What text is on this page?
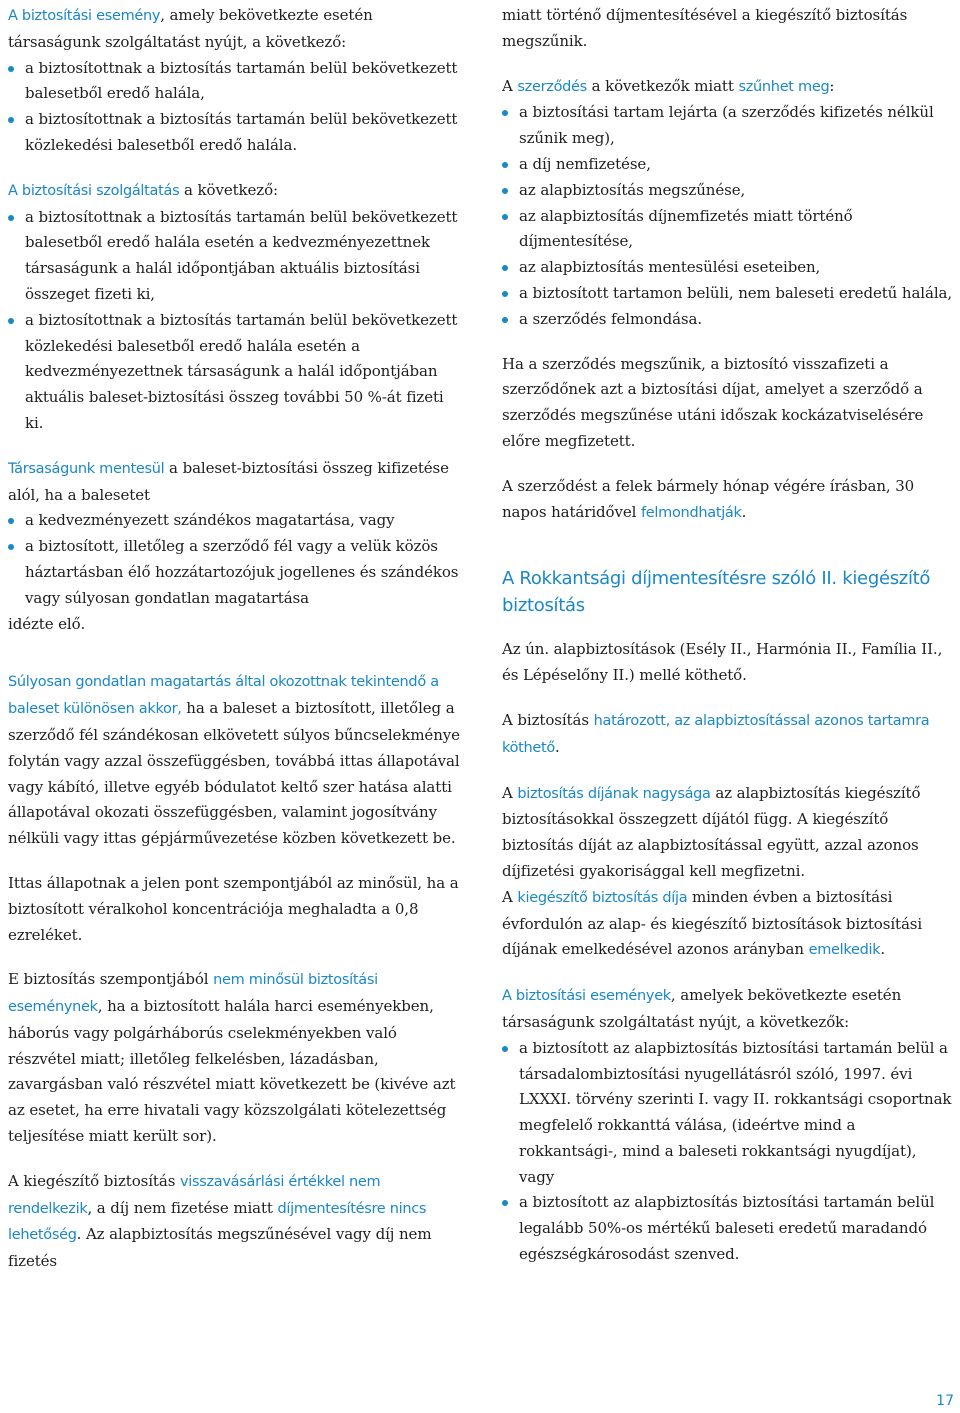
A biztosítási esemény, amely bekövetkezte esetén társaságunk szolgáltatást nyújt, a következő:

a biztosítottnak a biztosítás tartamán belül bekövetkezett balesetből eredő halála,
a biztosítottnak a biztosítás tartamán belül bekövetkezett közlekedési balesetből eredő halála.

A biztosítási szolgáltatás a következő:

a biztosítottnak a biztosítás tartamán belül bekövetkezett balesetből eredő halála esetén a kedvezményezettnek társaságunk a halál időpontjában aktuális biztosítási összeget fizeti ki,
a biztosítottnak a biztosítás tartamán belül bekövetkezett közlekedési balesetből eredő halála esetén a kedvezményezettnek társaságunk a halál időpontjában aktuális baleset-biztosítási összeg további 50 %-át fizeti ki.

Társaságunk mentesül a baleset-biztosítási összeg kifizetése alól, ha a balesetet

a kedvezményezett szándékos magatartása, vagy
a biztosított, illetőleg a szerződő fél vagy a velük közös háztartásban élő hozzátartozójuk jogellenes és szándékos vagy súlyosan gondatlan magatartása

idézte elő.

Súlyosan gondatlan magatartás által okozottnak tekintendő a baleset különösen akkor, ha a baleset a biztosított, illetőleg a szerződő fél szándékosan elkövetett súlyos bűncselekménye folytán vagy azzal összefüggésben, továbbá ittas állapotával vagy kábító, illetve egyéb bódulatot keltő szer hatása alatti állapotával okozati összefüggésben, valamint jogosítvány nélküli vagy ittas gépjárművezetése közben következett be.

Ittas állapotnak a jelen pont szempontjából az minősül, ha a biztosított véralkohol koncentrációja meghaladta a 0,8 ezreléket.

E biztosítás szempontjából nem minősül biztosítási eseménynek, ha a biztosított halála harci eseményekben, háborús vagy polgárháborús cselekményekben való részvétel miatt; illetőleg felkelésben, lázadásban, zavargásban való részvétel miatt következett be (kivéve azt az esetet, ha erre hivatali vagy közszolgálati kötelezettség teljesítése miatt került sor).

A kiegészítő biztosítás visszavásárlási értékkel nem rendelkezik, a díj nem fizetése miatt díjmentesítésre nincs lehetőség. Az alapbiztosítás megszűnésével vagy díj nem fizetés

miatt történő díjmentesítésével a kiegészítő biztosítás megszűnik.

A szerződés a következők miatt szűnhet meg:

a biztosítási tartam lejárta (a szerződés kifizetés nélkül szűnik meg),
a díj nemfizetése,
az alapbiztosítás megszűnése,
az alapbiztosítás díjnemfizetés miatt történő díjmentesítése,
az alapbiztosítás mentesülési eseteiben,
a biztosított tartamon belüli, nem baleseti eredetű halála,
a szerződés felmondása.

Ha a szerződés megszűnik, a biztosító visszafizeti a szerződőnek azt a biztosítási díjat, amelyet a szerződő a szerződés megszűnése utáni időszak kockázatviselésére előre megfizetett.

A szerződést a felek bármely hónap végére írásban, 30 napos határidővel felmondhatják.

A Rokkantsági díjmentesítésre szóló II. kiegészítő biztosítás

Az ún. alapbiztosítások (Esély II., Harmónia II., Família II., és Lépéselőny II.) mellé köthető.

A biztosítás határozott, az alapbiztosítással azonos tartamra köthető.

A biztosítás díjának nagysága az alapbiztosítás kiegészítő biztosításokkal összegzett díjától függ. A kiegészítő biztosítás díját az alapbiztosítással együtt, azzal azonos díjfizetési gyakorisággal kell megfizetni.

A kiegészítő biztosítás díja minden évben a biztosítási évfordulón az alap- és kiegészítő biztosítások biztosítási díjának emelkedésével azonos arányban emelkedik.

A biztosítási események, amelyek bekövetkezte esetén társaságunk szolgáltatást nyújt, a következők:

a biztosított az alapbiztosítás biztosítási tartamán belül a társadalombiztosítási nyugellátásról szóló, 1997. évi LXXXI. törvény szerinti I. vagy II. rokkantsági csoportnak megfelelő rokkanttá válása, (ideértve mind a rokkantsági-, mind a baleseti rokkantsági nyugdíjat), vagy
a biztosított az alapbiztosítás biztosítási tartamán belül legalább 50%-os mértékű baleseti eredetű maradandó egészségkárosodást szenved.
17
